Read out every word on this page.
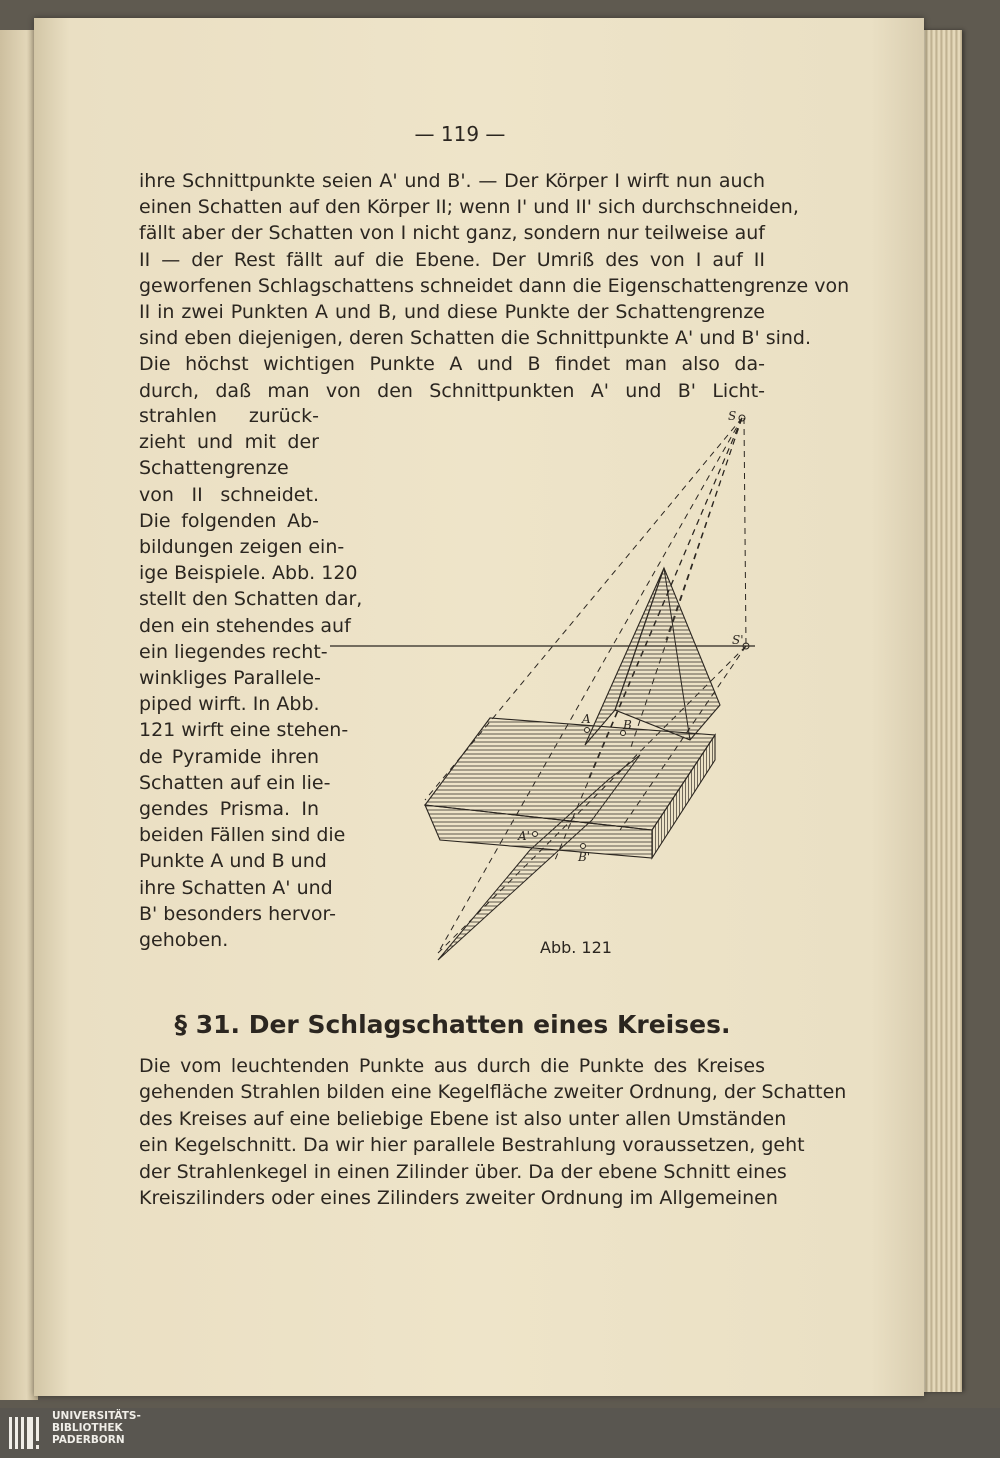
— 119 —
ihre Schnittpunkte seien A' und B'. — Der Körper I wirft nun auch
einen Schatten auf den Körper II; wenn I' und II' sich durchschneiden,
fällt aber der Schatten von I nicht ganz, sondern nur teilweise auf
II — der Rest fällt auf die Ebene. Der Umriß des von I auf II
geworfenen Schlagschattens schneidet dann die Eigenschattengrenze von
II in zwei Punkten A und B, und diese Punkte der Schattengrenze
sind eben diejenigen, deren Schatten die Schnittpunkte A' und B' sind.
Die höchst wichtigen Punkte A und B findet man also da-
durch, daß man von den Schnittpunkten A' und B' Licht-
strahlen zurück-
zieht und mit der
Schattengrenze
von II schneidet.
Die folgenden Ab-
bildungen zeigen ein-
ige Beispiele. Abb. 120
stellt den Schatten dar,
den ein stehendes auf
ein liegendes recht-
winkliges Parallele-
piped wirft. In Abb.
121 wirft eine stehen-
de Pyramide ihren
Schatten auf ein lie-
gendes Prisma. In
beiden Fällen sind die
Punkte A und B und
ihre Schatten A' und
B' besonders hervor-
gehoben.
S
S'
A	B
A'
B'
Abb. 121
§ 31. Der Schlagschatten eines Kreises.
Die vom leuchtenden Punkte aus durch die Punkte des Kreises
gehenden Strahlen bilden eine Kegelfläche zweiter Ordnung, der Schatten
des Kreises auf eine beliebige Ebene ist also unter allen Umständen
ein Kegelschnitt. Da wir hier parallele Bestrahlung voraussetzen, geht
der Strahlenkegel in einen Zilinder über. Da der ebene Schnitt eines
Kreiszilinders oder eines Zilinders zweiter Ordnung im Allgemeinen
UNIVERSITÄTS-
BIBLIOTHEK
PADERBORN
